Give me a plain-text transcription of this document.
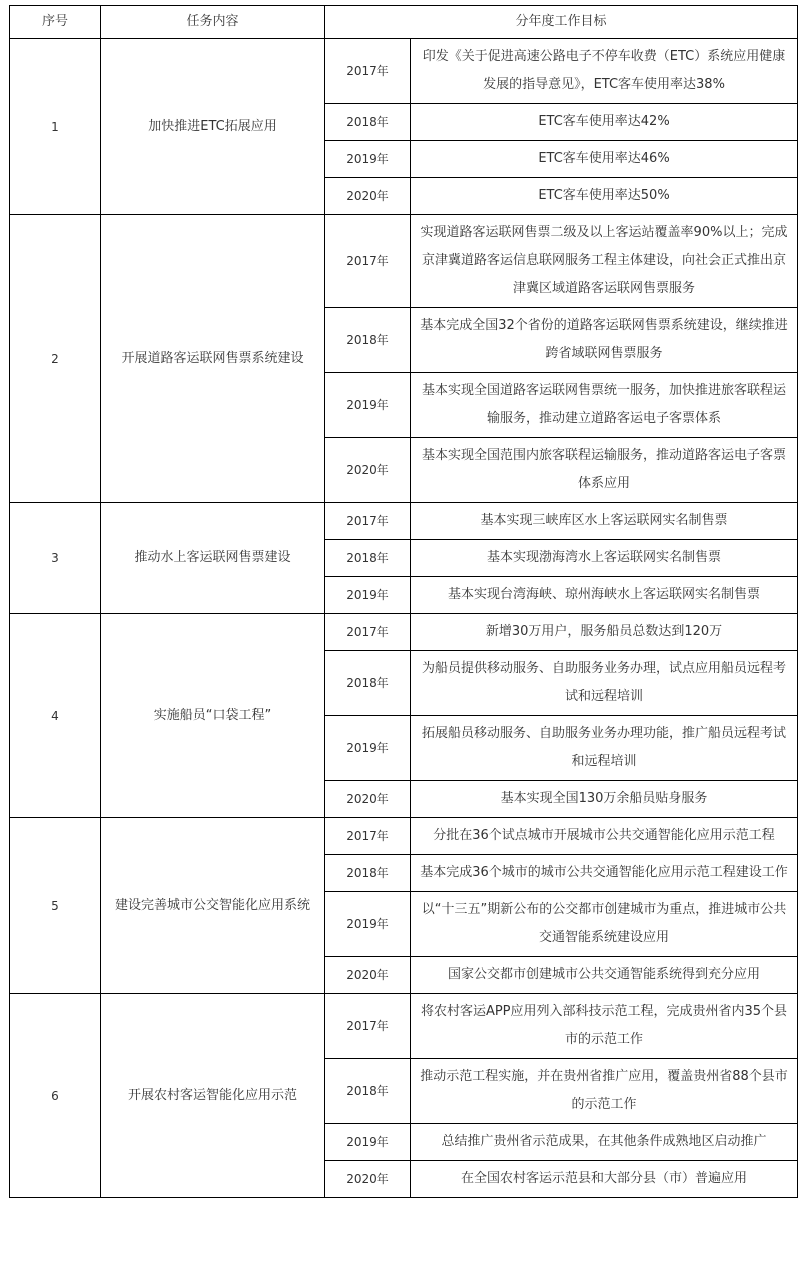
序号	任务内容	分年度工作目标	
1	加快推进ETC拓展应用	2017年	印发《关于促进高速公路电子不停车收费（ETC）系统应用健康发展的指导意见》，ETC客车使用率达38%
		2018年	ETC客车使用率达42%
		2019年	ETC客车使用率达46%
		2020年	ETC客车使用率达50%
2	开展道路客运联网售票系统建设	2017年	实现道路客运联网售票二级及以上客运站覆盖率90%以上；完成京津冀道路客运信息联网服务工程主体建设，向社会正式推出京津冀区域道路客运联网售票服务
		2018年	基本完成全国32个省份的道路客运联网售票系统建设，继续推进跨省域联网售票服务
		2019年	基本实现全国道路客运联网售票统一服务，加快推进旅客联程运输服务，推动建立道路客运电子客票体系
		2020年	基本实现全国范围内旅客联程运输服务，推动道路客运电子客票体系应用
3	推动水上客运联网售票建设	2017年	基本实现三峡库区水上客运联网实名制售票
		2018年	基本实现渤海湾水上客运联网实名制售票
		2019年	基本实现台湾海峡、琼州海峡水上客运联网实名制售票
4	实施船员“口袋工程”	2017年	新增30万用户，服务船员总数达到120万
		2018年	为船员提供移动服务、自助服务业务办理，试点应用船员远程考试和远程培训
		2019年	拓展船员移动服务、自助服务业务办理功能，推广船员远程考试和远程培训
		2020年	基本实现全国130万余船员贴身服务
5	建设完善城市公交智能化应用系统	2017年	分批在36个试点城市开展城市公共交通智能化应用示范工程
		2018年	基本完成36个城市的城市公共交通智能化应用示范工程建设工作
		2019年	以“十三五”期新公布的公交都市创建城市为重点，推进城市公共交通智能系统建设应用
		2020年	国家公交都市创建城市公共交通智能系统得到充分应用
6	开展农村客运智能化应用示范	2017年	将农村客运APP应用列入部科技示范工程，完成贵州省内35个县市的示范工作
		2018年	推动示范工程实施，并在贵州省推广应用，覆盖贵州省88个县市的示范工作
		2019年	总结推广贵州省示范成果，在其他条件成熟地区启动推广
		2020年	在全国农村客运示范县和大部分县（市）普遍应用
